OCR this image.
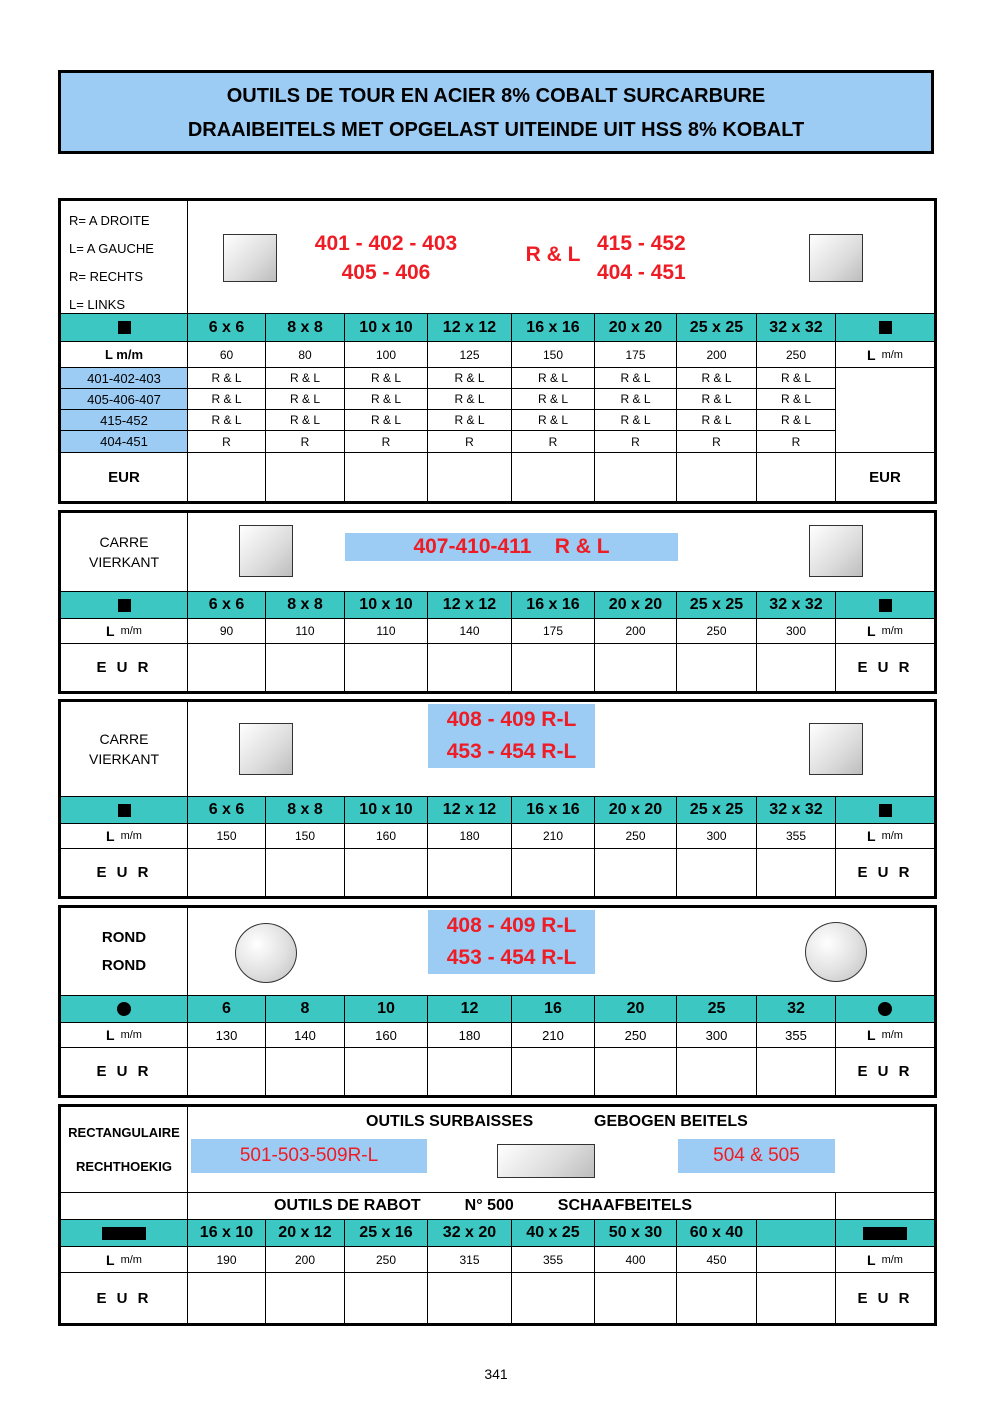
OUTILS DE TOUR EN ACIER 8% COBALT SURCARBURE
DRAAIBEITELS MET OPGELAST UITEINDE UIT HSS 8% KOBALT
R= A DROITE
L= A GAUCHE
R= RECHTS
L= LINKS
401 - 402 - 403
405 - 406
R & L 415 - 452
404 - 451
6 x 6	8 x 8	10 x 10	12 x 12	16 x 16	20 x 20	25 x 25	32 x 32
L m/m	60	80	100	125	150	175	200	250	L m/m
401-402-403	R & L	R & L	R & L	R & L	R & L	R & L	R & L	R & L
405-406-407	R & L	R & L	R & L	R & L	R & L	R & L	R & L	R & L
415-452	R & L	R & L	R & L	R & L	R & L	R & L	R & L	R & L
404-451	R	R	R	R	R	R	R	R
EUR	EUR
CARRE
VIERKANT
407-410-411    R & L
6 x 6	8 x 8	10 x 10	12 x 12	16 x 16	20 x 20	25 x 25	32 x 32
L m/m	90	110	110	140	175	200	250	300	L m/m
E U R	E U R
CARRE
VIERKANT
408 - 409 R-L
453 - 454 R-L
6 x 6	8 x 8	10 x 10	12 x 12	16 x 16	20 x 20	25 x 25	32 x 32
L m/m	150	150	160	180	210	250	300	355	L m/m
E U R	E U R
ROND
ROND
408 - 409 R-L
453 - 454 R-L
6	8	10	12	16	20	25	32
L m/m	130	140	160	180	210	250	300	355	L m/m
E U R	E U R
RECTANGULAIRE
RECHTHOEKIG
OUTILS SURBAISSES	GEBOGEN BEITELS
501-503-509R-L	504 & 505
OUTILS DE RABOT	N° 500	SCHAAFBEITELS
16 x 10	20 x 12	25 x 16	32 x 20	40 x 25	50 x 30	60 x 40
L m/m	190	200	250	315	355	400	450	L m/m
E U R	E U R
341
